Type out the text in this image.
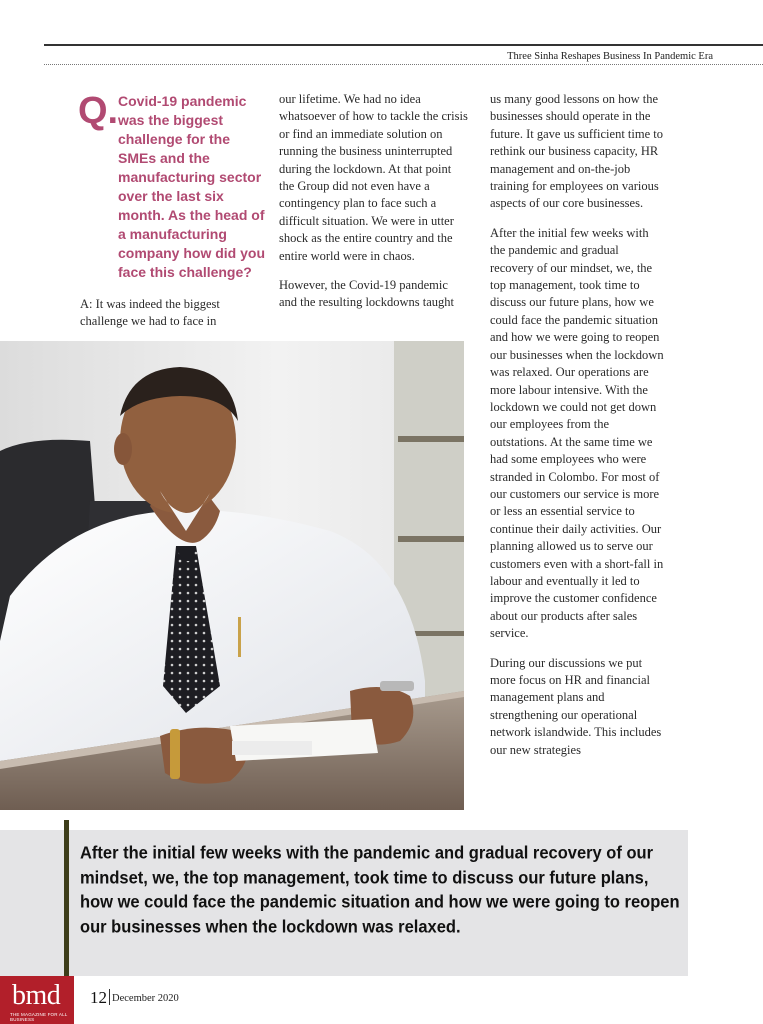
Three Sinha Reshapes Business In Pandemic Era
Q. Covid-19 pandemic was the biggest challenge for the SMEs and the manufacturing sector over the last six month. As the head of a manufacturing company how did you face this challenge?

A: It was indeed the biggest challenge we had to face in

our lifetime. We had no idea whatsoever of how to tackle the crisis or find an immediate solution on running the business uninterrupted during the lockdown. At that point the Group did not even have a contingency plan to face such a difficult situation. We were in utter shock as the entire country and the entire world were in chaos.

However, the Covid-19 pandemic and the resulting lockdowns taught

us many good lessons on how the businesses should operate in the future. It gave us sufficient time to rethink our business capacity, HR management and on-the-job training for employees on various aspects of our core businesses.

After the initial few weeks with the pandemic and gradual recovery of our mindset, we, the top management, took time to discuss our future plans, how we could face the pandemic situation and how we were going to reopen our businesses when the lockdown was relaxed. Our operations are more labour intensive. With the lockdown we could not get down our employees from the outstations. At the same time we had some employees who were stranded in Colombo. For most of our customers our service is more or less an essential service to continue their daily activities. Our planning allowed us to serve our customers even with a short-fall in labour and eventually it led to improve the customer confidence about our products after sales service.

During our discussions we put more focus on HR and financial management plans and strengthening our operational network islandwide. This includes our new strategies

After the initial few weeks with the pandemic and gradual recovery of our mindset, we, the top management, took time to discuss our future plans, how we could face the pandemic situation and how we were going to reopen our businesses when the lockdown was relaxed.
bmd
THE MAGAZINE FOR ALL BUSINESS
12 December 2020
